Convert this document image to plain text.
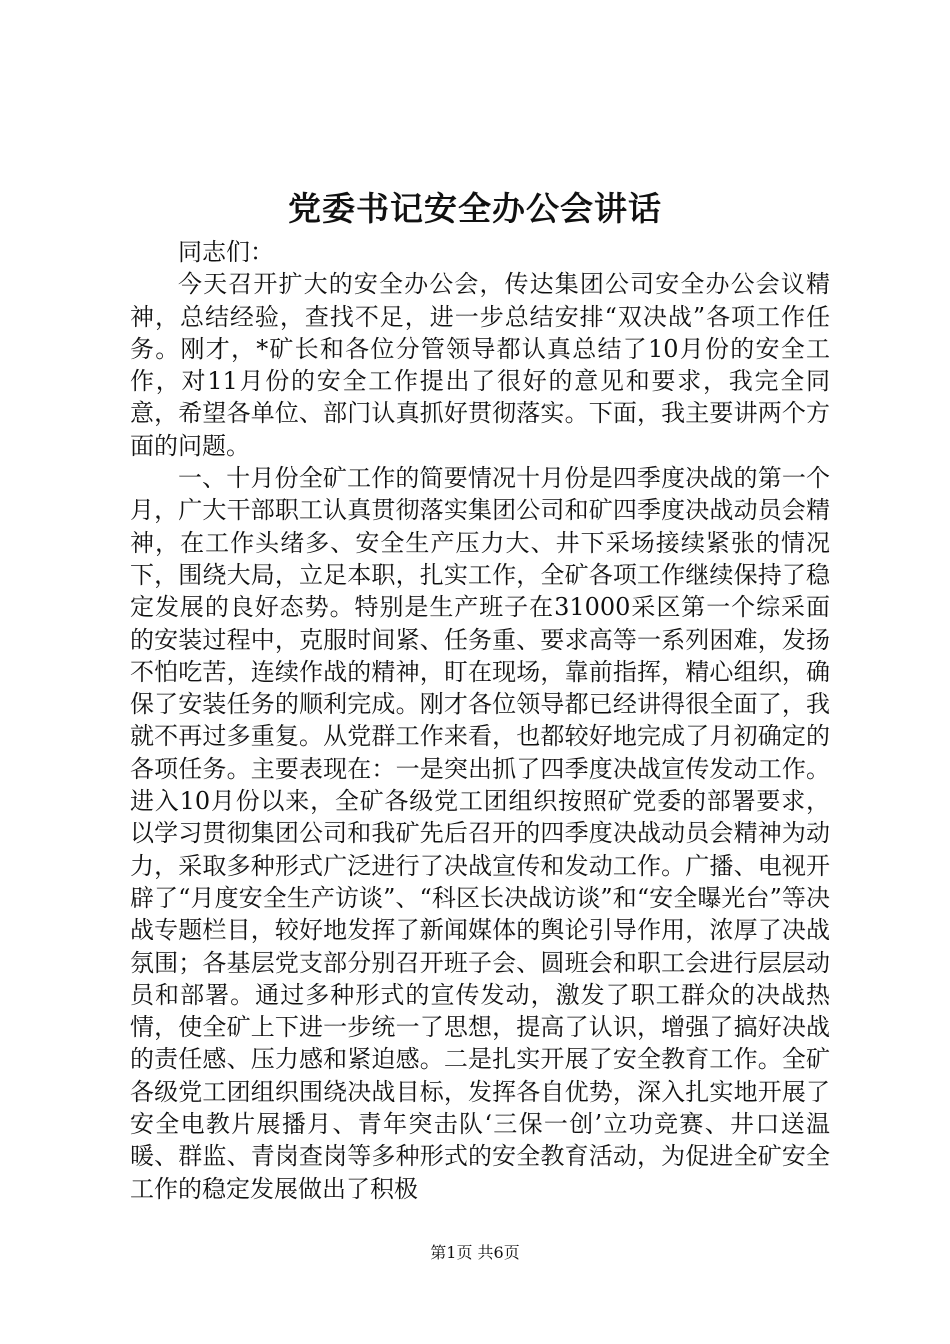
党委书记安全办公会讲话

同志们：

今天召开扩大的安全办公会，传达集团公司安全办公会议精神，总结经验，查找不足，进一步总结安排“双决战”各项工作任务。刚才，*矿长和各位分管领导都认真总结了10月份的安全工作，对11月份的安全工作提出了很好的意见和要求，我完全同意，希望各单位、部门认真抓好贯彻落实。下面，我主要讲两个方面的问题。

一、十月份全矿工作的简要情况十月份是四季度决战的第一个月，广大干部职工认真贯彻落实集团公司和矿四季度决战动员会精神，在工作头绪多、安全生产压力大、井下采场接续紧张的情况下，围绕大局，立足本职，扎实工作，全矿各项工作继续保持了稳定发展的良好态势。特别是生产班子在31000采区第一个综采面的安装过程中，克服时间紧、任务重、要求高等一系列困难，发扬不怕吃苦，连续作战的精神，盯在现场，靠前指挥，精心组织，确保了安装任务的顺利完成。刚才各位领导都已经讲得很全面了，我就不再过多重复。从党群工作来看，也都较好地完成了月初确定的各项任务。主要表现在：一是突出抓了四季度决战宣传发动工作。进入10月份以来，全矿各级党工团组织按照矿党委的部署要求，以学习贯彻集团公司和我矿先后召开的四季度决战动员会精神为动力，采取多种形式广泛进行了决战宣传和发动工作。广播、电视开辟了“月度安全生产访谈”、“科区长决战访谈”和“安全曝光台”等决战专题栏目，较好地发挥了新闻媒体的舆论引导作用，浓厚了决战氛围；各基层党支部分别召开班子会、圆班会和职工会进行层层动员和部署。通过多种形式的宣传发动，激发了职工群众的决战热情，使全矿上下进一步统一了思想，提高了认识，增强了搞好决战的责任感、压力感和紧迫感。二是扎实开展了安全教育工作。全矿各级党工团组织围绕决战目标，发挥各自优势，深入扎实地开展了安全电教片展播月、青年突击队‘三保一创’立功竞赛、井口送温暖、群监、青岗查岗等多种形式的安全教育活动，为促进全矿安全工作的稳定发展做出了积极

第1页 共6页
